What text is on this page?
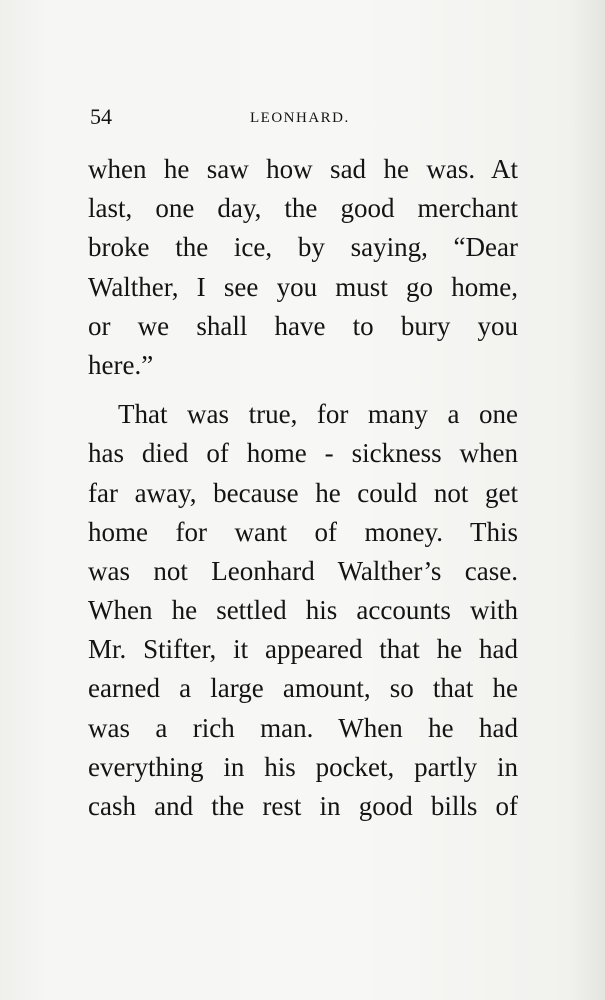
54	LEONHARD.
when he saw how sad he was. At
last, one day, the good merchant
broke the ice, by saying, “Dear
Walther, I see you must go home,
or we shall have to bury you
here.”
That was true, for many a one
has died of home - sickness when
far away, because he could not get
home for want of money. This
was not Leonhard Walther’s case.
When he settled his accounts with
Mr. Stifter, it appeared that he had
earned a large amount, so that he
was a rich man. When he had
everything in his pocket, partly in
cash and the rest in good bills of
